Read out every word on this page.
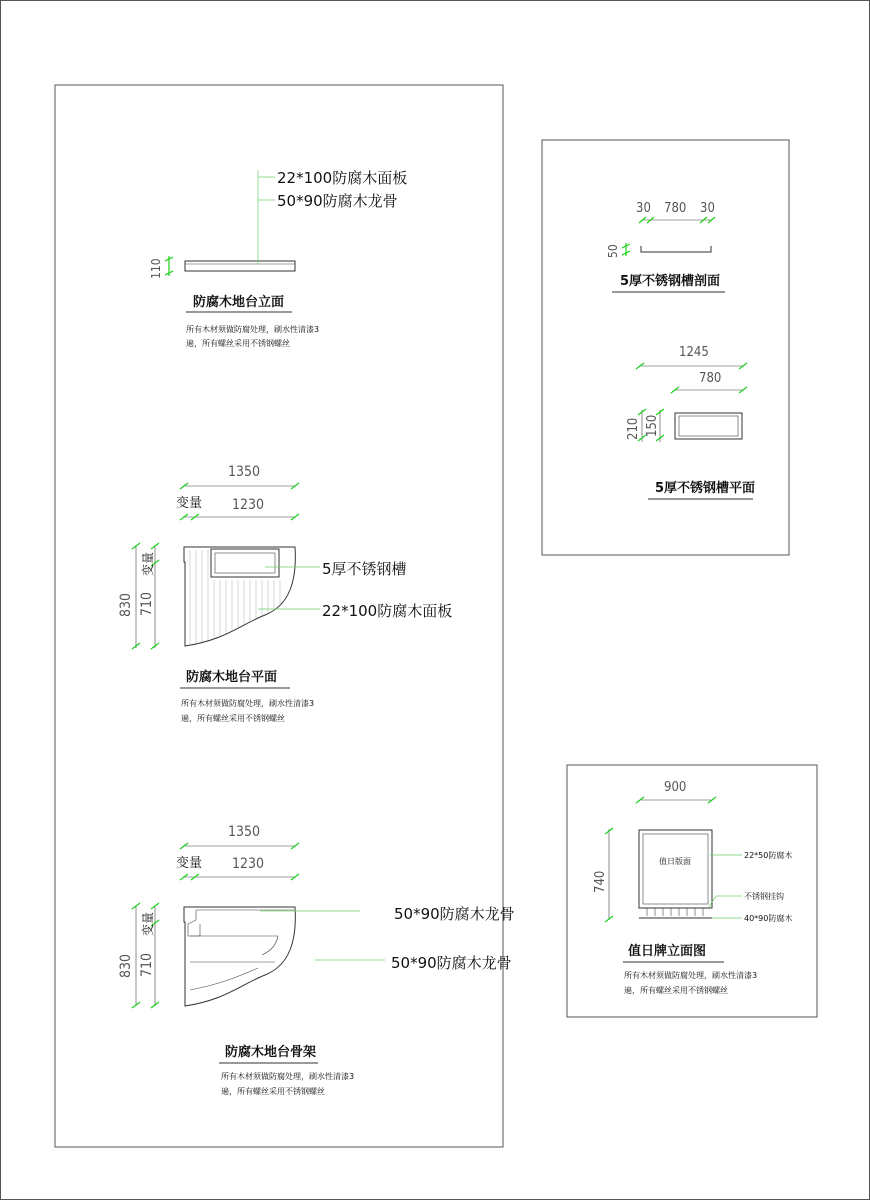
22*100防腐木面板
50*90防腐木龙骨
110
防腐木地台立面
所有木材须做防腐处理，刷水性清漆3
遍，所有螺丝采用不锈钢螺丝
1350
变量 1230
830 710
变量	5厚不锈钢槽
22*100防腐木面板
防腐木地台平面
所有木材须做防腐处理，刷水性清漆3
遍，所有螺丝采用不锈钢螺丝
1350
变量 1230
830 710
变量	50*90防腐木龙骨
50*90防腐木龙骨
防腐木地台骨架
所有木材须做防腐处理，刷水性清漆3
遍，所有螺丝采用不锈钢螺丝
30 780 30
50
5厚不锈钢槽剖面
1245
780
210 150
5厚不锈钢槽平面
900
740
值日版面
22*50防腐木
不锈钢挂钩
40*90防腐木
值日牌立面图
所有木材须做防腐处理，刷水性清漆3
遍，所有螺丝采用不锈钢螺丝
